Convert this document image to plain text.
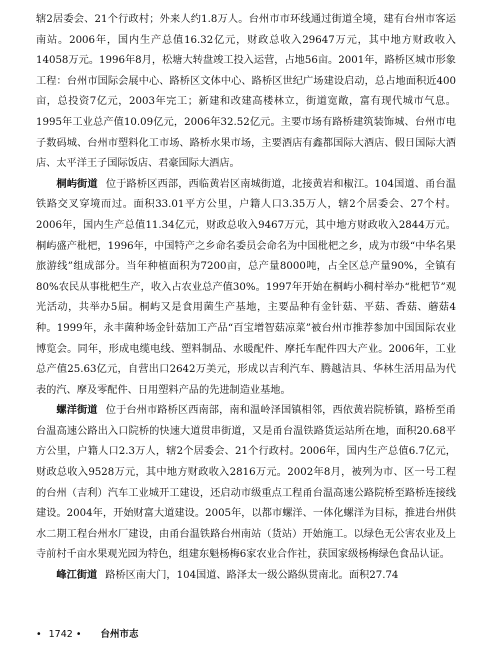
辖2居委会、21个行政村；外来人约1.8万人。台州市市环线通过街道全境，建有台州市客运南站。2006年，国内生产总值16.32亿元，财政总收入29647万元，其中地方财政收入14058万元。1996年8月，松塘大转盘竣工投入运营，占地56亩。2001年，路桥区城市形象工程：台州市国际会展中心、路桥区文体中心、路桥区世纪广场建设启动，总占地面积近400亩，总投资7亿元，2003年完工；新建和改建高楼林立，街道宽敞，富有现代城市气息。1995年工业总产值10.09亿元，2006年32.52亿元。主要市场有路桥建筑装饰城、台州市电子数码城、台州市塑料化工市场、路桥水果市场，主要酒店有鑫都国际大酒店、假日国际大酒店、太平洋王子国际饭店、君豪国际大酒店。

桐屿街道 位于路桥区西部，西临黄岩区南城街道，北接黄岩和椒江。104国道、甬台温铁路交叉穿境而过。面积33.01平方公里，户籍人口3.35万人，辖2个居委会、27个村。2006年，国内生产总值11.34亿元，财政总收入9467万元，其中地方财政收入2844万元。桐屿盛产枇杷，1996年，中国特产之乡命名委员会命名为中国枇杷之乡，成为市级“中华名果旅游线”组成部分。当年种植面积为7200亩，总产量8000吨，占全区总产量90%，全镇有80%农民从事枇杷生产，收入占农业总产值30%。1997年开始在桐屿小稠村举办“枇杷节”观光活动，共举办5届。桐屿又是食用菌生产基地，主要品种有金针菇、平菇、香菇、蘑菇4种。1999年，永丰菌种场金针菇加工产品“百宝增智菇凉菜”被台州市推荐参加中国国际农业博览会。同年，形成电缆电线、塑料制品、水暖配件、摩托车配件四大产业。2006年，工业总产值25.63亿元，自营出口2642万美元，形成以吉利汽车、腾越洁具、华林生活用品为代表的汽、摩及零配件、日用塑料产品的先进制造业基地。

螺洋街道 位于台州市路桥区西南部，南和温岭泽国镇相邻，西依黄岩院桥镇，路桥至甬台温高速公路出入口院桥的快速大道贯串街道，又是甬台温铁路货运站所在地，面积20.68平方公里，户籍人口2.3万人，辖2个居委会、21个行政村。2006年，国内生产总值6.7亿元，财政总收入9528万元，其中地方财政收入2816万元。2002年8月，被列为市、区一号工程的台州（吉利）汽车工业城开工建设，还启动市级重点工程甬台温高速公路院桥至路桥连接线建设。2004年，开始财富大道建设。2005年，以都市螺洋、一体化螺洋为目标，推进台州供水二期工程台州水厂建设，由甬台温铁路台州南站（货站）开始施工。以绿色无公害农业及上寺前村千亩水果观光园为特色，组建东魁杨梅6家农业合作社，获国家级杨梅绿色食品认证。

峰江街道 路桥区南大门，104国道、路泽太一级公路纵贯南北。面积27.74

• 1742 • 台州市志
